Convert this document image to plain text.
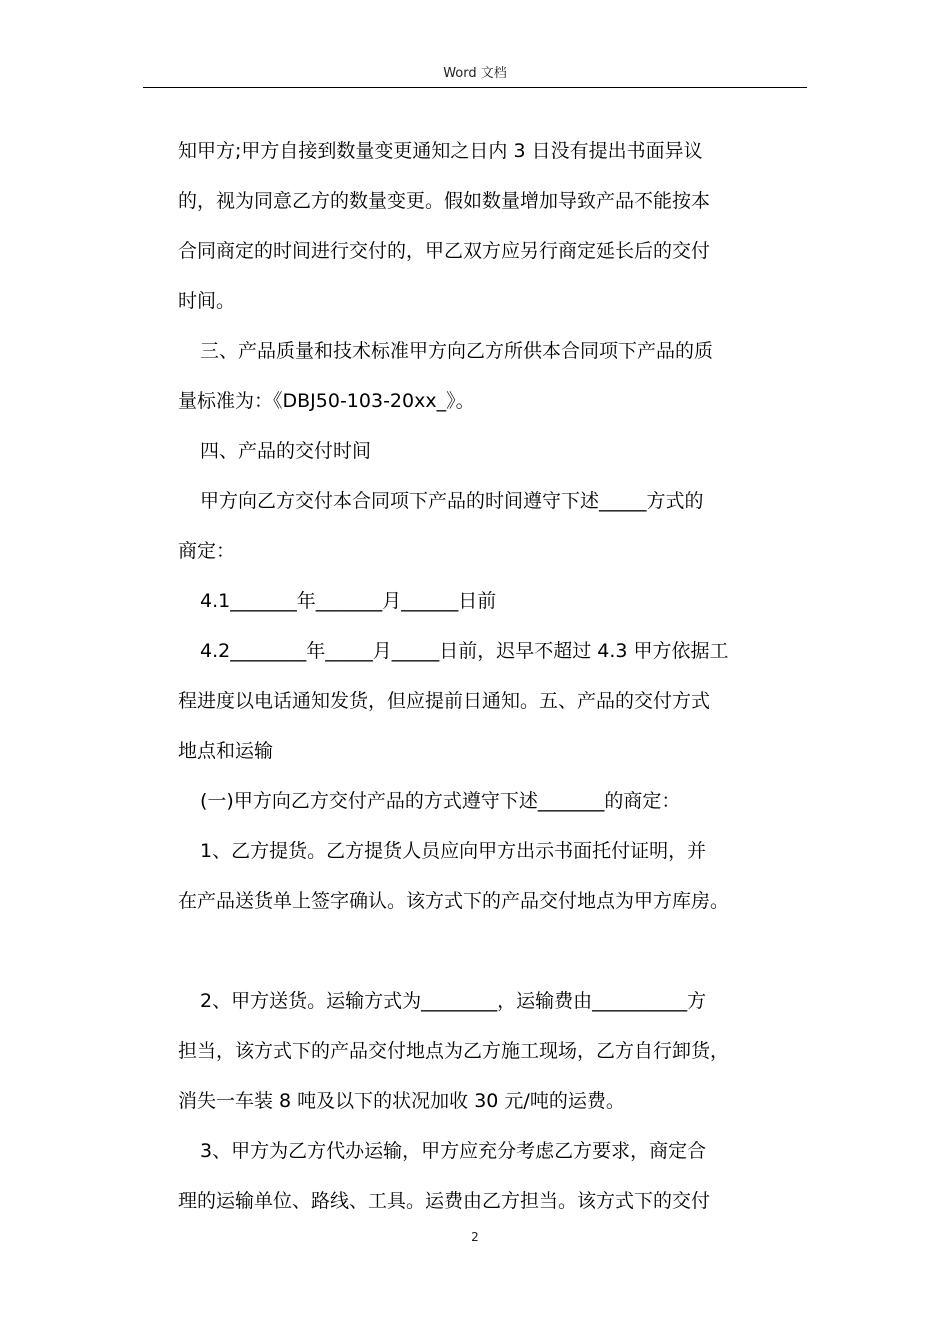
Word 文档
知甲方;甲方自接到数量变更通知之日内 3 日没有提出书面异议
的，视为同意乙方的数量变更。假如数量增加导致产品不能按本
合同商定的时间进行交付的，甲乙双方应另行商定延长后的交付
时间。
三、产品质量和技术标准甲方向乙方所供本合同项下产品的质
量标准为：《DBJ50-103-20xx_》。
四、产品的交付时间
甲方向乙方交付本合同项下产品的时间遵守下述_____方式的
商定：
4.1_______年_______月______日前
4.2________年_____月_____日前，迟早不超过 4.3 甲方依据工
程进度以电话通知发货，但应提前日通知。五、产品的交付方式
地点和运输
(一)甲方向乙方交付产品的方式遵守下述_______的商定：
1、乙方提货。乙方提货人员应向甲方出示书面托付证明，并
在产品送货单上签字确认。该方式下的产品交付地点为甲方库房。
2、甲方送货。运输方式为________，运输费由__________方
担当，该方式下的产品交付地点为乙方施工现场，乙方自行卸货，
消失一车装 8 吨及以下的状况加收 30 元/吨的运费。
3、甲方为乙方代办运输，甲方应充分考虑乙方要求，商定合
理的运输单位、路线、工具。运费由乙方担当。该方式下的交付
2
